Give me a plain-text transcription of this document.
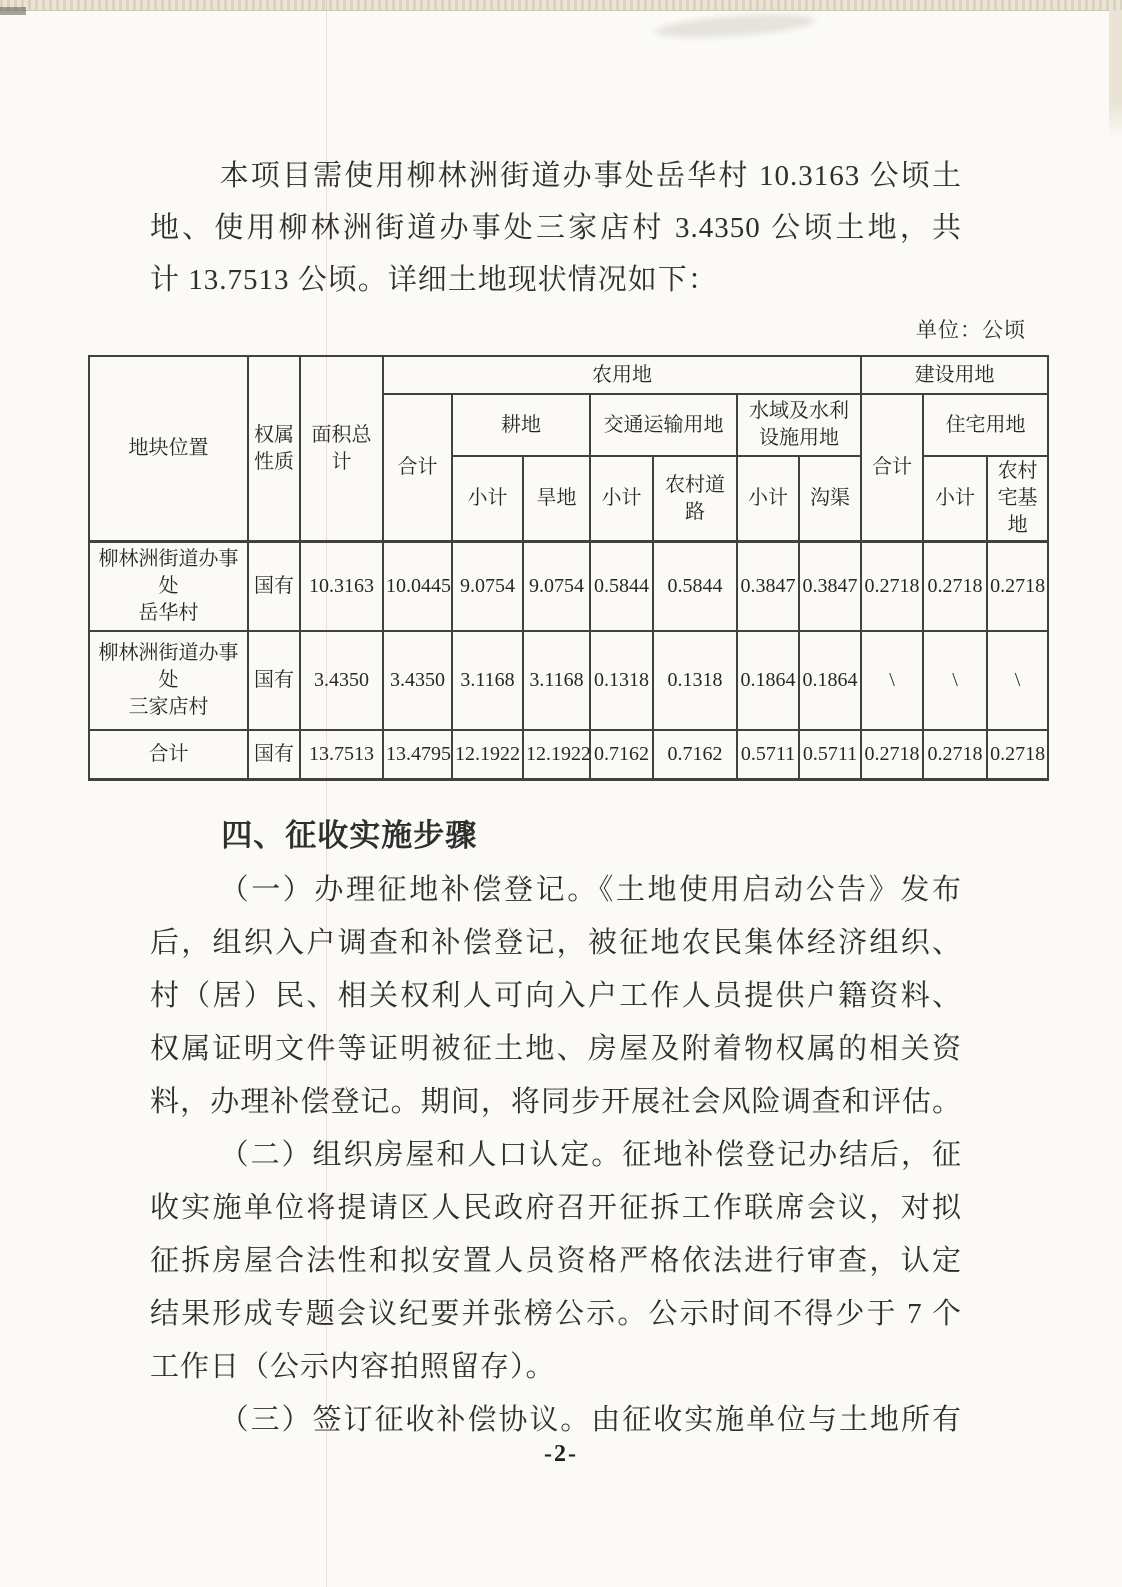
本项目需使用柳林洲街道办事处岳华村 10.3163 公顷土
地、使用柳林洲街道办事处三家店村 3.4350 公顷土地，共
计 13.7513 公顷。详细土地现状情况如下：
单位：公顷
地块位置	权属性质	面积总计	农用地							建设用地		
			合计	耕地		交通运输用地		水域及水利设施用地		合计	住宅用地	
				小计	旱地	小计	农村道路	小计	沟渠		小计	农村宅基地

柳林洲街道办事处
岳华村	国有	10.3163	10.0445	9.0754	9.0754	0.5844	0.5844	0.3847	0.3847	0.2718	0.2718	0.2718

柳林洲街道办事处
三家店村	国有	3.4350	3.4350	3.1168	3.1168	0.1318	0.1318	0.1864	0.1864	\	\	\

合计	国有	13.7513	13.4795	12.1922	12.1922	0.7162	0.7162	0.5711	0.5711	0.2718	0.2718	0.2718
四、征收实施步骤
（一）办理征地补偿登记。《土地使用启动公告》发布
后，组织入户调查和补偿登记，被征地农民集体经济组织、
村（居）民、相关权利人可向入户工作人员提供户籍资料、
权属证明文件等证明被征土地、房屋及附着物权属的相关资
料，办理补偿登记。期间，将同步开展社会风险调查和评估。
（二）组织房屋和人口认定。征地补偿登记办结后，征
收实施单位将提请区人民政府召开征拆工作联席会议，对拟
征拆房屋合法性和拟安置人员资格严格依法进行审查，认定
结果形成专题会议纪要并张榜公示。公示时间不得少于 7 个
工作日（公示内容拍照留存）。
（三）签订征收补偿协议。由征收实施单位与土地所有
-2-
